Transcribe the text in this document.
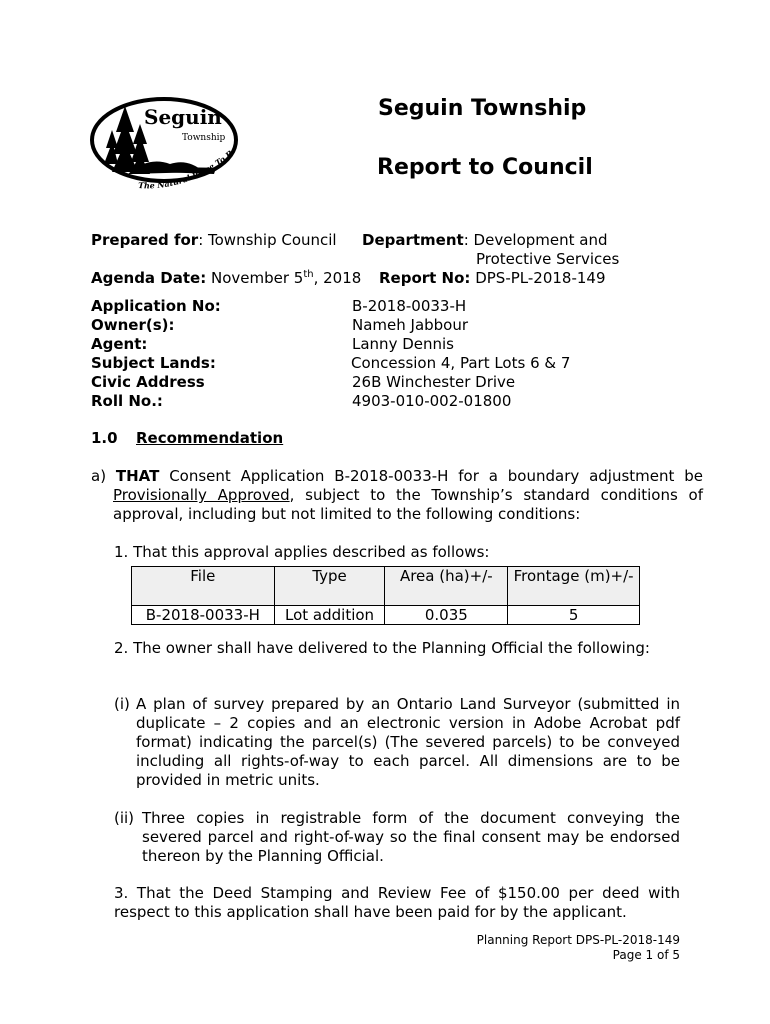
Seguin
Township
The Natural Place To B
Seguin Township
Report to Council
Prepared for: Township Council Department: Development and
Protective Services
Agenda Date: November 5th, 2018 Report No: DPS-PL-2018-149
Application No:	B-2018-0033-H
Owner(s):	Nameh Jabbour
Agent:	Lanny Dennis
Subject Lands:	Concession 4, Part Lots 6 & 7
Civic Address	26B Winchester Drive
Roll No.:	4903-010-002-01800
1.0 Recommendation
a) THAT Consent Application B-2018-0033-H for a boundary adjustment be Provisionally Approved, subject to the Township’s standard conditions of approval, including but not limited to the following conditions:
1. That this approval applies described as follows:
File	Type	Area (ha)+/-	Frontage (m)+/-
B-2018-0033-H	Lot addition	0.035	5
2. The owner shall have delivered to the Planning Official the following:
(i) A plan of survey prepared by an Ontario Land Surveyor (submitted in duplicate – 2 copies and an electronic version in Adobe Acrobat pdf format) indicating the parcel(s) (The severed parcels) to be conveyed including all rights-of-way to each parcel. All dimensions are to be provided in metric units.
(ii) Three copies in registrable form of the document conveying the severed parcel and right-of-way so the final consent may be endorsed thereon by the Planning Official.
3. That the Deed Stamping and Review Fee of $150.00 per deed with respect to this application shall have been paid for by the applicant.
Planning Report DPS-PL-2018-149
Page 1 of 5
